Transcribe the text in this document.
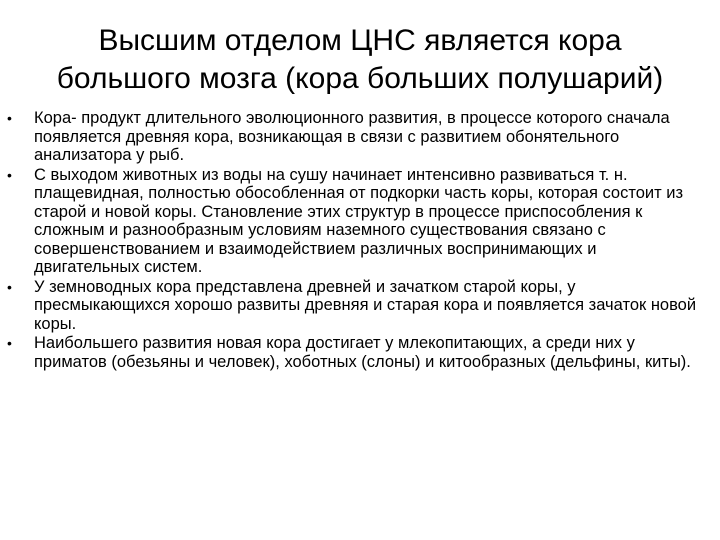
Высшим отделом ЦНС является кора
большого мозга (кора больших полушарий)
•	Кора- продукт длительного эволюционного развития, в процессе которого сначала появляется древняя кора, возникающая в связи с развитием обонятельного анализатора у рыб.
•	С выходом животных из воды на сушу начинает интенсивно развиваться т. н. плащевидная, полностью обособленная от подкорки часть коры, которая состоит из старой и новой коры. Становление этих структур в процессе приспособления к сложным и разнообразным условиям наземного существования связано с совершенствованием и взаимодействием различных воспринимающих и двигательных систем.
•	У земноводных кора представлена древней и зачатком старой коры, у пресмыкающихся хорошо развиты древняя и старая кора и появляется зачаток новой коры.
•	Наибольшего развития новая кора достигает у млекопитающих, а среди них у приматов (обезьяны и человек), хоботных (слоны) и китообразных (дельфины, киты).
